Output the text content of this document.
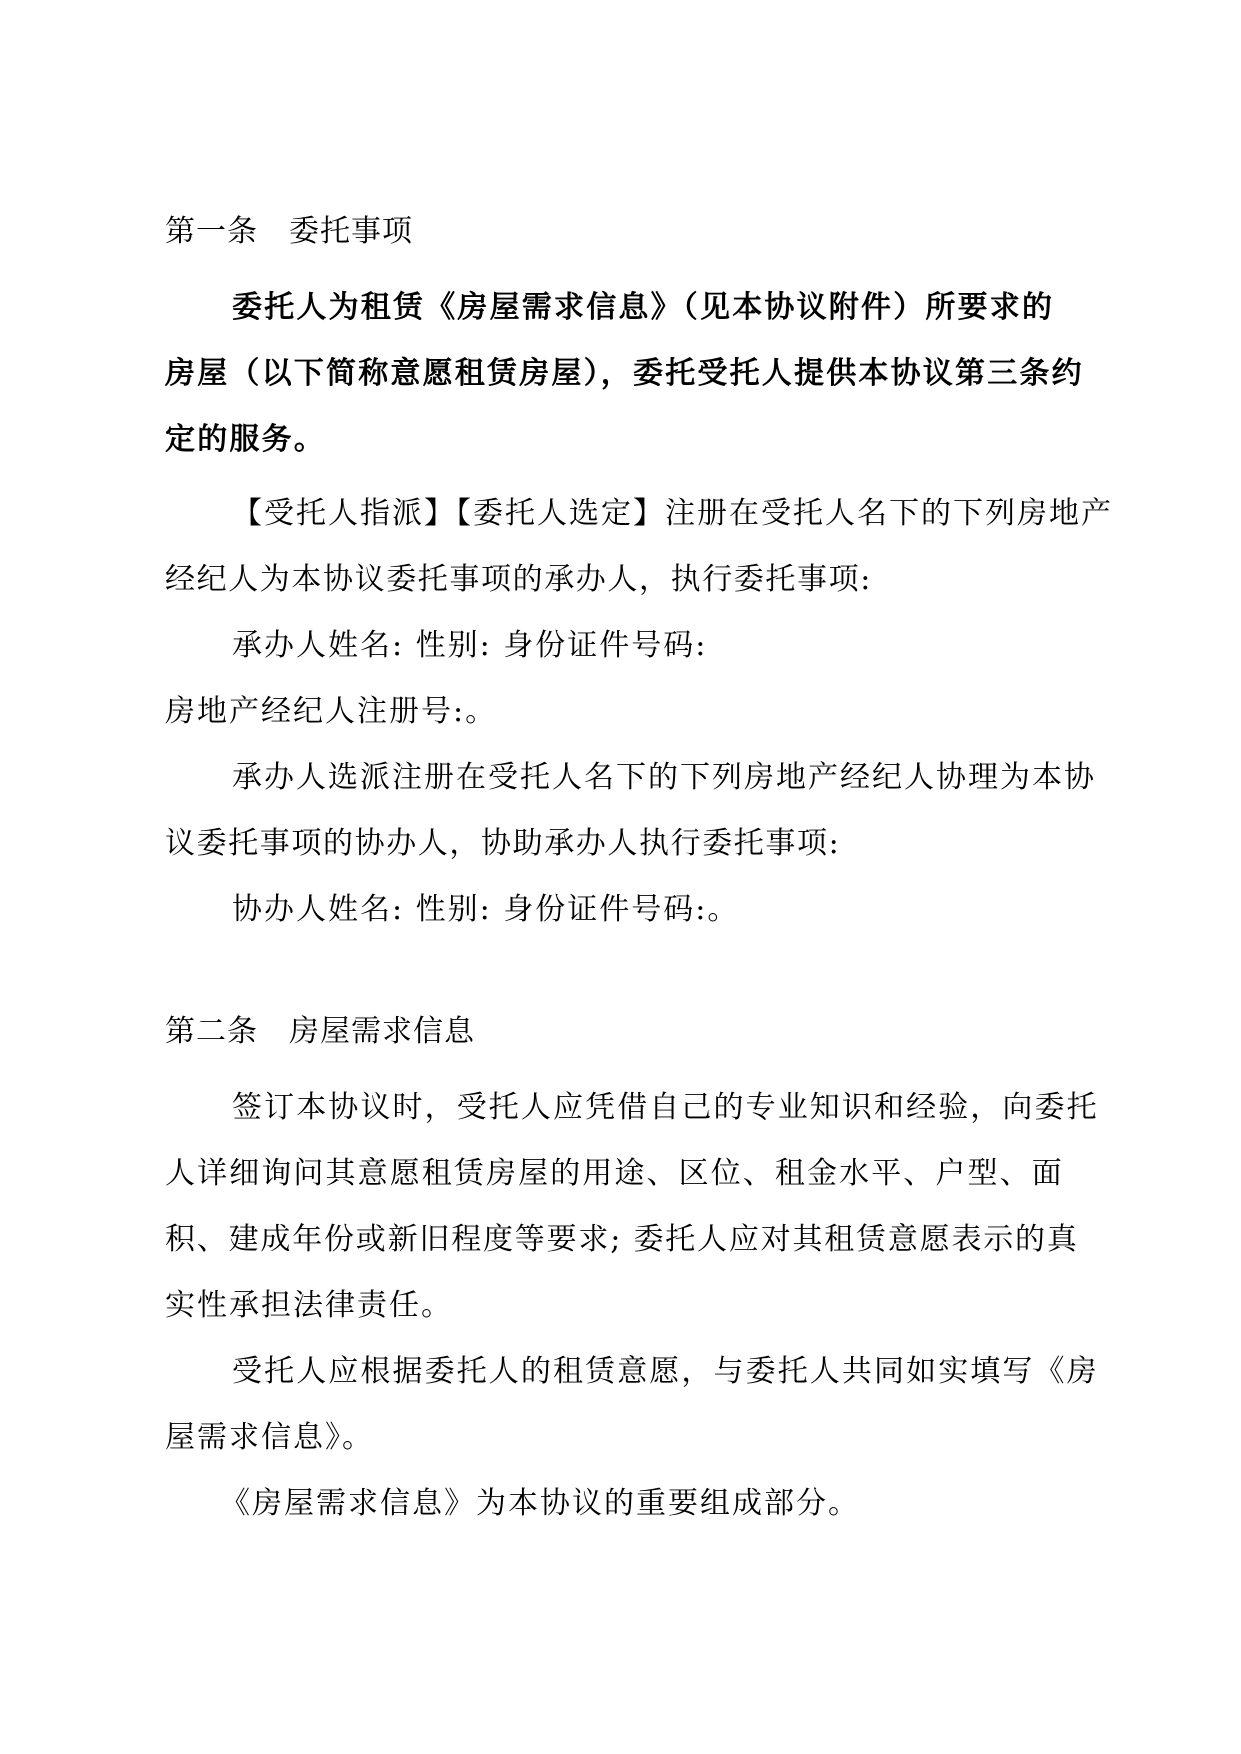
第一条　委托事项
委托人为租赁《房屋需求信息》（见本协议附件）所要求的
房屋（以下简称意愿租赁房屋），委托受托人提供本协议第三条约
定的服务。
【受托人指派】【委托人选定】注册在受托人名下的下列房地产
经纪人为本协议委托事项的承办人，执行委托事项:
承办人姓名: 性别: 身份证件号码:
房地产经纪人注册号:。
承办人选派注册在受托人名下的下列房地产经纪人协理为本协
议委托事项的协办人，协助承办人执行委托事项:
协办人姓名: 性别: 身份证件号码:。
第二条　房屋需求信息
签订本协议时，受托人应凭借自己的专业知识和经验，向委托
人详细询问其意愿租赁房屋的用途、区位、租金水平、户型、面
积、建成年份或新旧程度等要求; 委托人应对其租赁意愿表示的真
实性承担法律责任。
受托人应根据委托人的租赁意愿，与委托人共同如实填写《房
屋需求信息》。
《房屋需求信息》为本协议的重要组成部分。
